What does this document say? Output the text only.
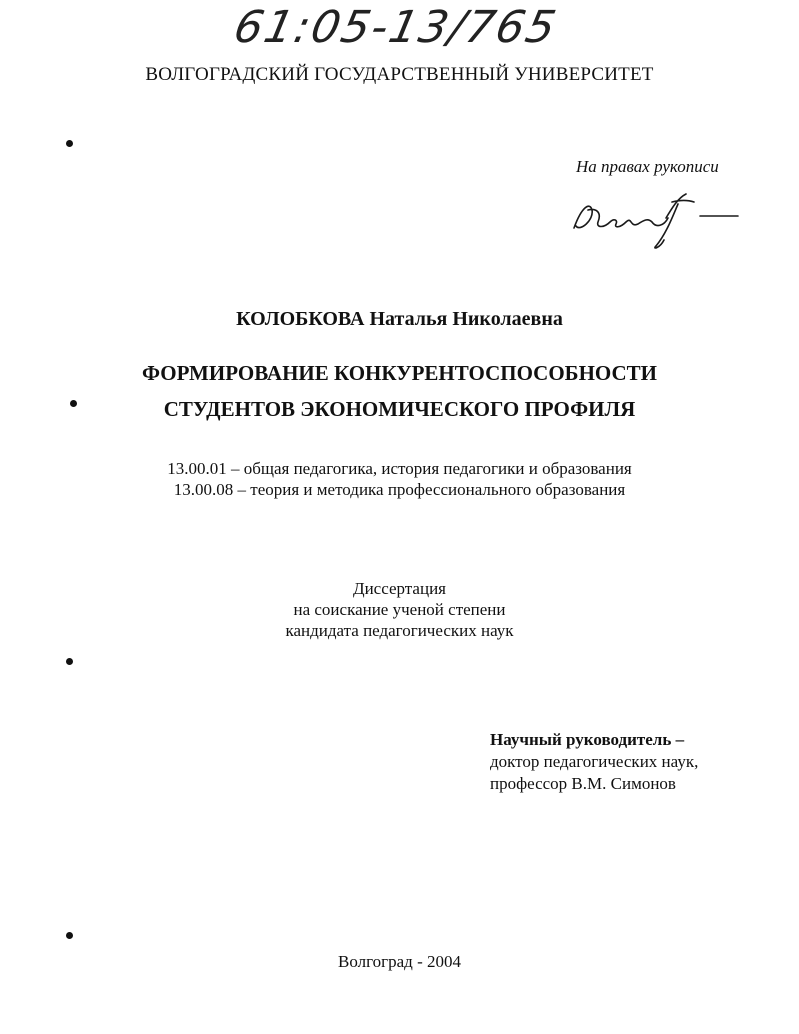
61:05-13/765
ВОЛГОГРАДСКИЙ ГОСУДАРСТВЕННЫЙ УНИВЕРСИТЕТ
На правах рукописи
КОЛОБКОВА Наталья Николаевна
ФОРМИРОВАНИЕ КОНКУРЕНТОСПОСОБНОСТИ
СТУДЕНТОВ ЭКОНОМИЧЕСКОГО ПРОФИЛЯ
13.00.01 – общая педагогика, история педагогики и образования
13.00.08 – теория и методика профессионального образования
Диссертация
на соискание ученой степени
кандидата педагогических наук
Научный руководитель –
доктор педагогических наук,
профессор В.М. Симонов
Волгоград - 2004
